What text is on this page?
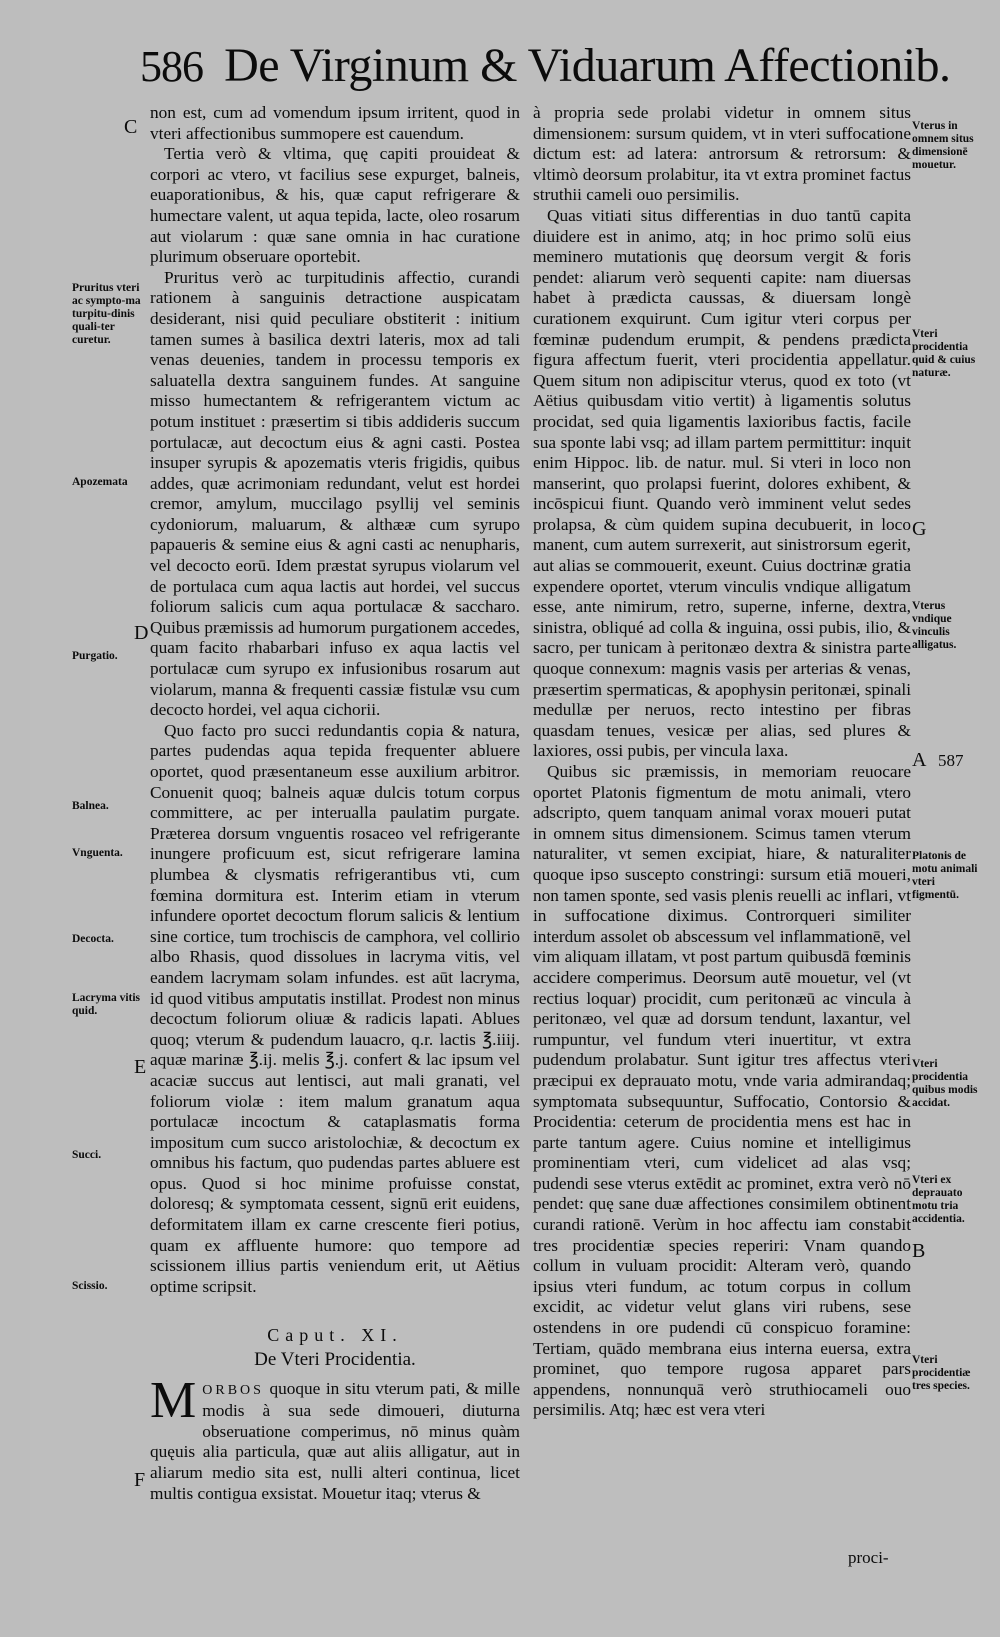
586 De Virginum & Viduarum Affectionib.

non est, cum ad vomendum ipsum irritent, quod in vteri affectionibus summopere est cauendum.

Tertia verò & vltima, quę capiti prouideat & corpori ac vtero, vt facilius sese expurget, balneis, euaporationibus, & his, quæ caput refrigerare & humectare valent, ut aqua tepida, lacte, oleo rosarum aut violarum : quæ sane omnia in hac curatione plurimum obseruare oportebit.

Pruritus verò ac turpitudinis affectio, curandi rationem à sanguinis detractione auspicatam desiderant, nisi quid peculiare obstiterit : initium tamen sumes à basilica dextri lateris, mox ad tali venas deuenies, tandem in processu temporis ex saluatella dextra sanguinem fundes. At sanguine misso humectantem & refrigerantem victum ac potum instituet : præsertim si tibis addideris succum portulacæ, aut decoctum eius & agni casti. Postea insuper syrupis & apozematis vteris frigidis, quibus addes, quæ acrimoniam redundant, velut est hordei cremor, amylum, muccilago psyllij vel seminis cydoniorum, maluarum, & althææ cum syrupo papaueris & semine eius & agni casti ac nenupharis, vel decocto eorū. Idem præstat syrupus violarum vel de portulaca cum aqua lactis aut hordei, vel succus foliorum salicis cum aqua portulacæ & saccharo. Quibus præmissis ad humorum purgationem accedes, quam facito rhabarbari infuso ex aqua lactis vel portulacæ cum syrupo ex infusionibus rosarum aut violarum, manna & frequenti cassiæ fistulæ vsu cum decocto hordei, vel aqua cichorii.

Quo facto pro succi redundantis copia & natura, partes pudendas aqua tepida frequenter abluere oportet, quod præsentaneum esse auxilium arbitror. Conuenit quoq; balneis aquæ dulcis totum corpus committere, ac per interualla paulatim purgate. Præterea dorsum vnguentis rosaceo vel refrigerante inungere proficuum est, sicut refrigerare lamina plumbea & clysmatis refrigerantibus vti, cum fœmina dormitura est. Interim etiam in vterum infundere oportet decoctum florum salicis & lentium sine cortice, tum trochiscis de camphora, vel collirio albo Rhasis, quod dissolues in lacryma vitis, vel eandem lacrymam solam infundes. est aūt lacryma, id quod vitibus amputatis instillat. Prodest non minus decoctum foliorum oliuæ & radicis lapati. Ablues quoq; vterum & pudendum lauacro, q.r. lactis ℥.iiij. aquæ marinæ ℥.ij. melis ℥.j. confert & lac ipsum vel acaciæ succus aut lentisci, aut mali granati, vel foliorum violæ : item malum granatum aqua portulacæ incoctum & cataplasmatis forma impositum cum succo aristolochiæ, & decoctum ex omnibus his factum, quo pudendas partes abluere est opus. Quod si hoc minime profuisse constat, doloresq; & symptomata cessent, signū erit euidens, deformitatem illam ex carne crescente fieri potius, quam ex affluente humore: quo tempore ad scissionem illius partis veniendum erit, ut Aëtius optime scripsit.

Caput. XI.
De Vteri Procidentia.
M ORBOS quoque in situ vterum pati, & mille modis à sua sede dimoueri, diuturna obseruatione comperimus, nō minus quàm quęuis alia particula, quæ aut aliis alligatur, aut in aliarum medio sita est, nulli alteri continua, licet multis contigua exsistat. Mouetur itaq; vterus &

à propria sede prolabi videtur in omnem situs dimensionem: sursum quidem, vt in vteri suffocatione dictum est: ad latera: antrorsum & retrorsum: & vltimò deorsum prolabitur, ita vt extra prominet factus struthii cameli ouo persimilis.

Quas vitiati situs differentias in duo tantū capita diuidere est in animo, atq; in hoc primo solū eius meminero mutationis quę deorsum vergit & foris pendet: aliarum verò sequenti capite: nam diuersas habet à prædicta caussas, & diuersam longè curationem exquirunt. Cum igitur vteri corpus per fœminæ pudendum erumpit, & pendens prædicta figura affectum fuerit, vteri procidentia appellatur. Quem situm non adipiscitur vterus, quod ex toto (vt Aëtius quibusdam vitio vertit) à ligamentis solutus procidat, sed quia ligamentis laxioribus factis, facile sua sponte labi vsq; ad illam partem permittitur: inquit enim Hippoc. lib. de natur. mul. Si vteri in loco non manserint, quo prolapsi fuerint, dolores exhibent, & incōspicui fiunt. Quando verò imminent velut sedes prolapsa, & cùm quidem supina decubuerit, in loco manent, cum autem surrexerit, aut sinistrorsum egerit, aut alias se commouerit, exeunt. Cuius doctrinæ gratia expendere oportet, vterum vinculis vndique alligatum esse, ante nimirum, retro, superne, inferne, dextra, sinistra, obliqué ad colla & inguina, ossi pubis, ilio, & sacro, per tunicam à peritonæo dextra & sinistra parte quoque connexum: magnis vasis per arterias & venas, præsertim spermaticas, & apophysin peritonæi, spinali medullæ per neruos, recto intestino per fibras quasdam tenues, vesicæ per alias, sed plures & laxiores, ossi pubis, per vincula laxa.

Quibus sic præmissis, in memoriam reuocare oportet Platonis figmentum de motu animali, vtero adscripto, quem tanquam animal vorax moueri putat in omnem situs dimensionem. Scimus tamen vterum naturaliter, vt semen excipiat, hiare, & naturaliter quoque ipso suscepto constringi: sursum etiā moueri, non tamen sponte, sed vasis plenis reuelli ac inflari, vt in suffocatione diximus. Controrqueri similiter interdum assolet ob abscessum vel inflammationē, vel vim aliquam illatam, vt post partum quibusdā fœminis accidere comperimus. Deorsum autē mouetur, vel (vt rectius loquar) procidit, cum peritonæū ac vincula à peritonæo, vel quæ ad dorsum tendunt, laxantur, vel rumpuntur, vel fundum vteri inuertitur, vt extra pudendum prolabatur. Sunt igitur tres affectus vteri præcipui ex deprauato motu, vnde varia admirandaq; symptomata subsequuntur, Suffocatio, Contorsio & Procidentia: ceterum de procidentia mens est hac in parte tantum agere. Cuius nomine et intelligimus prominentiam vteri, cum videlicet ad alas vsq; pudendi sese vterus extēdit ac prominet, extra verò nō pendet: quę sane duæ affectiones consimilem obtinent curandi rationē. Verùm in hoc affectu iam constabit tres procidentiæ species reperiri: Vnam quando collum in vuluam procidit: Alteram verò, quando ipsius vteri fundum, ac totum corpus in collum excidit, ac videtur velut glans viri rubens, sese ostendens in ore pudendi cū conspicuo foramine: Tertiam, quādo membrana eius interna euersa, extra prominet, quo tempore rugosa apparet pars appendens, nonnunquā verò struthiocameli ouo persimilis. Atq; hæc est vera vteri

proci-
Pruritus vteri ac sympto-ma turpitu-dinis quali-ter curetur.
Apozemata
Purgatio.
Balnea.
Vnguenta.
Decocta.
Lacryma vitis quid.
Succi.
Scissio.
Vterus in omnem situs dimensionē mouetur.
Vteri procidentia quid & cuius naturæ.
Vterus vndique vinculis alligatus.
Platonis de motu animali vteri figmentū.
Vteri procidentia quibus modis accidat.
Vteri ex deprauato motu tria accidentia.
Vteri procidentiæ tres species.
C
D
E
F
G
A
B
587
